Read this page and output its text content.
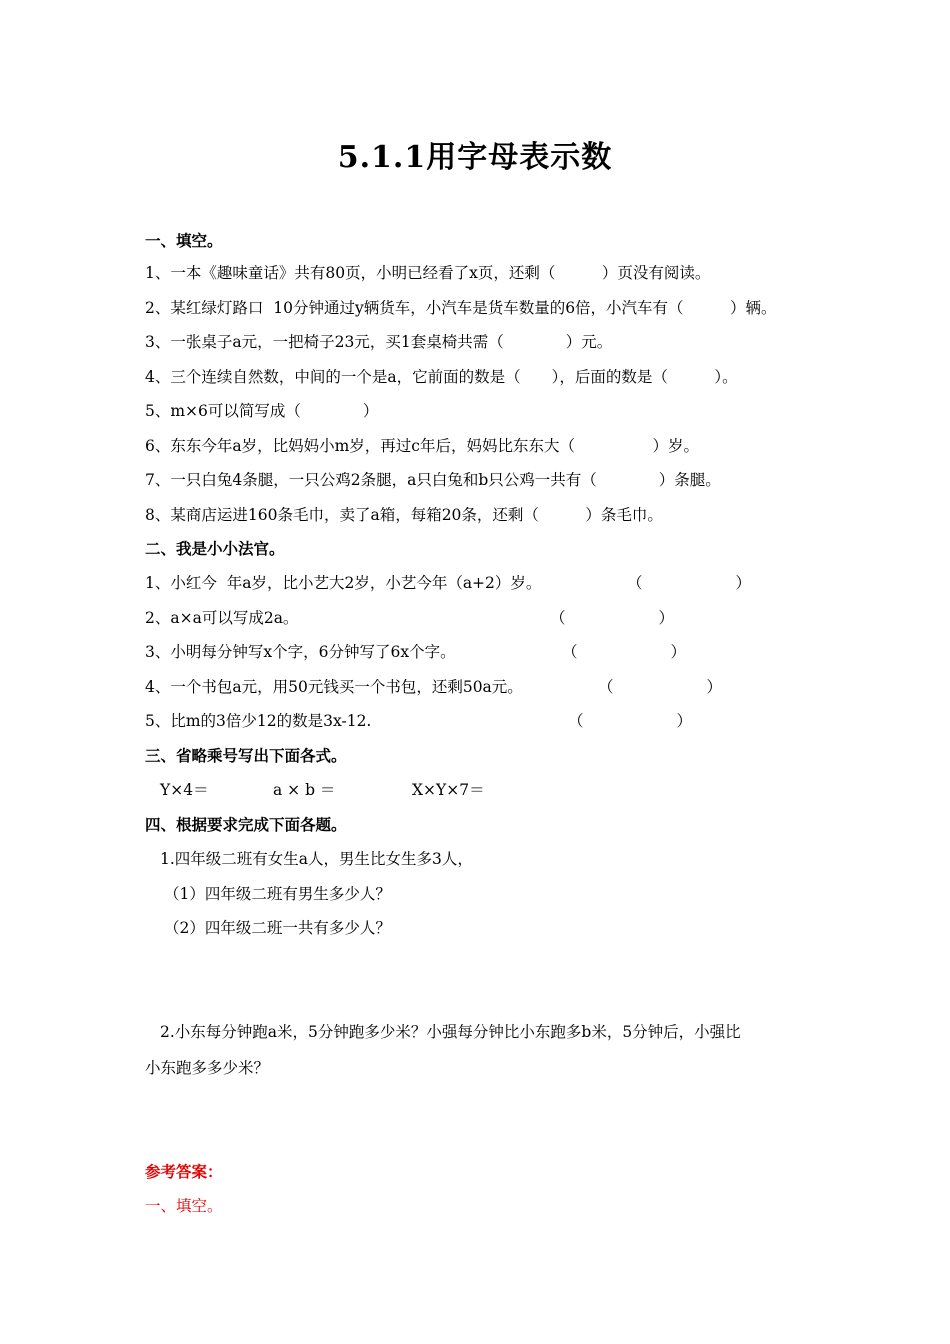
5.1.1用字母表示数
一、填空。
1、一本《趣味童话》共有80页，小明已经看了x页，还剩（　　　）页没有阅读。
2、某红绿灯路口  10分钟通过y辆货车，小汽车是货车数量的6倍，小汽车有（　　　）辆。
3、一张桌子a元，一把椅子23元，买1套桌椅共需（　　　　）元。
4、三个连续自然数，中间的一个是a，它前面的数是（　　），后面的数是（　　　）。
5、m×6可以简写成（　　　　）
6、东东今年a岁，比妈妈小m岁，再过c年后，妈妈比东东大（　　　　　）岁。
7、一只白兔4条腿，一只公鸡2条腿，a只白兔和b只公鸡一共有（　　　　）条腿。
8、某商店运进160条毛巾，卖了a箱，每箱20条，还剩（　　　）条毛巾。
二、我是小小法官。
1、小红今  年a岁，比小艺大2岁，小艺今年（a+2）岁。	（　　　　　　）
2、a×a可以写成2a。	（　　　　　　）
3、小明每分钟写x个字，6分钟写了6x个字。	（　　　　　　）
4、一个书包a元，用50元钱买一个书包，还剩50a元。	（　　　　　　）
5、比m的3倍少12的数是3x-12.	（　　　　　　）
三、省略乘号写出下面各式。
Y×4＝	a × b ＝	X×Y×7＝
四、根据要求完成下面各题。
1.四年级二班有女生a人，男生比女生多3人，
（1）四年级二班有男生多少人？
（2）四年级二班一共有多少人？
2.小东每分钟跑a米，5分钟跑多少米？小强每分钟比小东跑多b米，5分钟后，小强比
小东跑多多少米？
参考答案：
一、填空。
